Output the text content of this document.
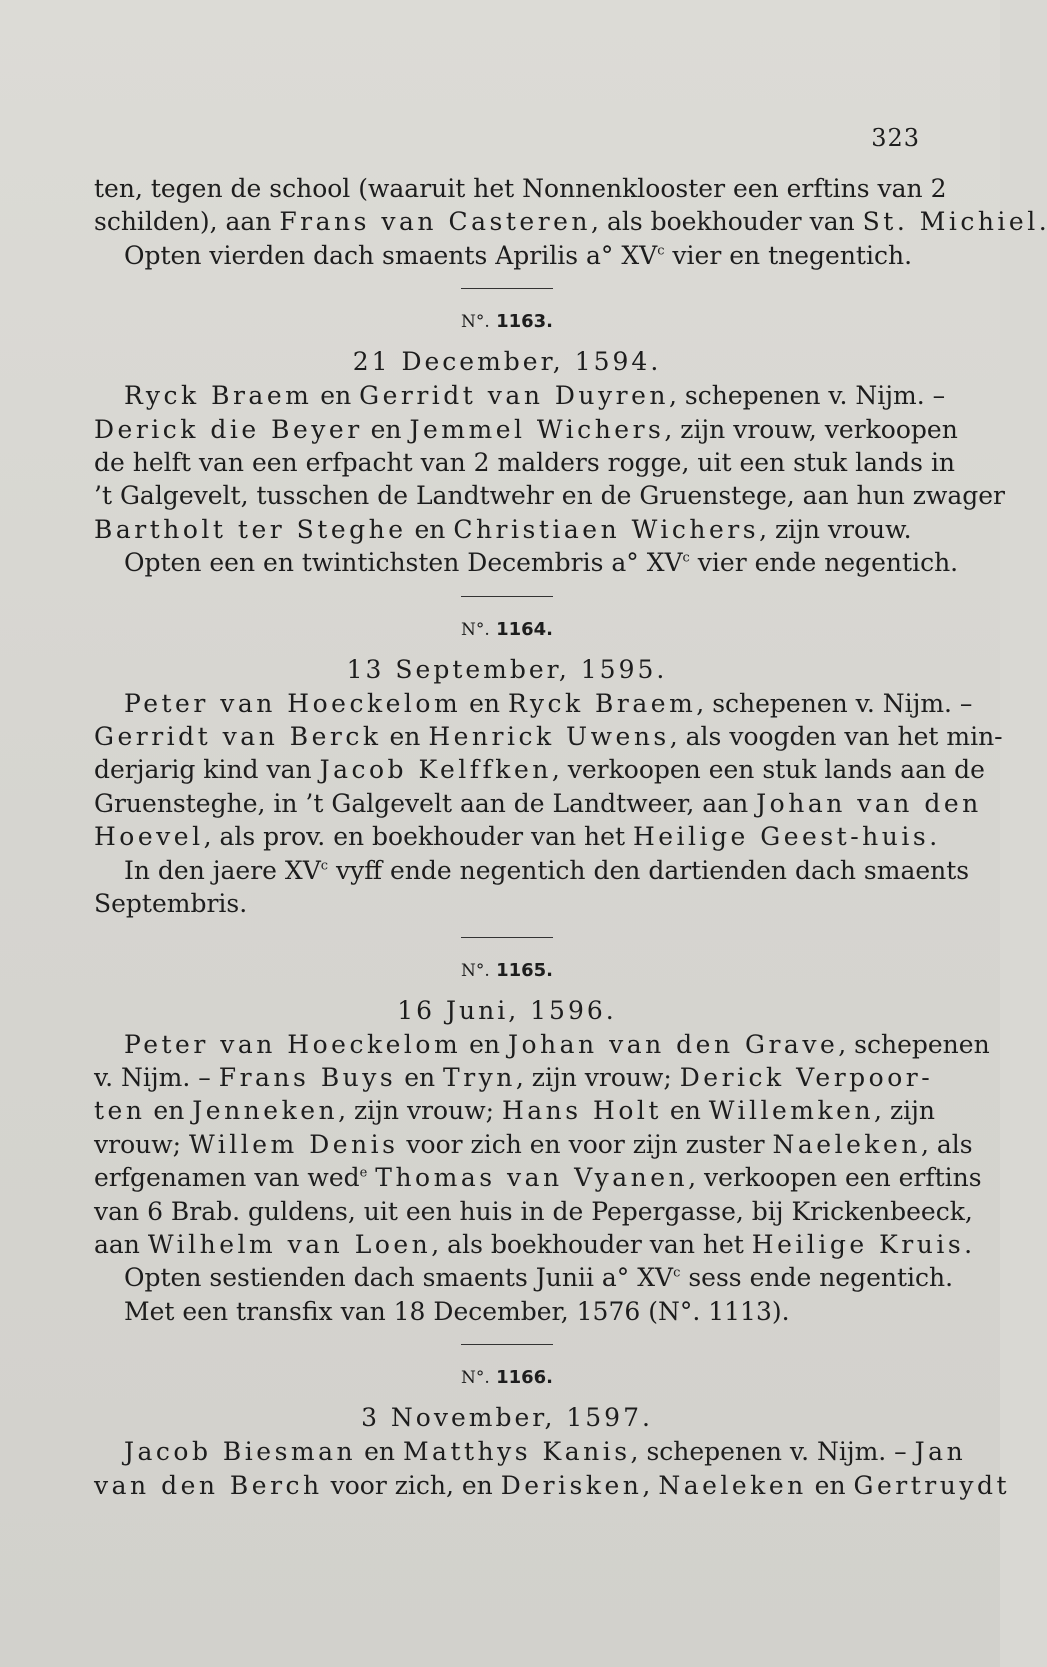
323
ten, tegen de school (waaruit het Nonnenklooster een erftins van 2
schilden), aan Frans van Casteren, als boekhouder van St. Michiel.
Opten vierden dach smaents Aprilis a° $XV^c$ vier en tnegentich.
N°. 1163.
21 December, 1594.
Ryck Braem en Gerridt van Duyren, schepenen v. Nijm. –
Derick die Beyer en Jemmel Wichers, zijn vrouw, verkoopen
de helft van een erfpacht van 2 malders rogge, uit een stuk lands in
’t Galgevelt, tusschen de Landtwehr en de Gruenstege, aan hun zwager
Bartholt ter Steghe en Christiaen Wichers, zijn vrouw.
Opten een en twintichsten Decembris a° $XV^c$ vier ende negentich.
N°. 1164.
13 September, 1595.
Peter van Hoeckelom en Ryck Braem, schepenen v. Nijm. –
Gerridt van Berck en Henrick Uwens, als voogden van het min-
derjarig kind van Jacob Kelffken, verkoopen een stuk lands aan de
Gruensteghe, in ’t Galgevelt aan de Landtweer, aan Johan van den
Hoevel, als prov. en boekhouder van het Heilige Geest-huis.
In den jaere $XV^c$ vyff ende negentich den dartienden dach smaents
Septembris.
N°. 1165.
16 Juni, 1596.
Peter van Hoeckelom en Johan van den Grave, schepenen
v. Nijm. – Frans Buys en Tryn, zijn vrouw; Derick Verpoor-
ten en Jenneken, zijn vrouw; Hans Holt en Willemken, zijn
vrouw; Willem Denis voor zich en voor zijn zuster Naeleken, als
erfgenamen van wed$^e$ Thomas van Vyanen, verkoopen een erftins
van 6 Brab. guldens, uit een huis in de Pepergasse, bij Krickenbeeck,
aan Wilhelm van Loen, als boekhouder van het Heilige Kruis.
Opten sestienden dach smaents Junii a° $XV^c$ sess ende negentich.
Met een transfix van 18 December, 1576 (N°. 1113).
N°. 1166.
3 November, 1597.
Jacob Biesman en Matthys Kanis, schepenen v. Nijm. – Jan
van den Berch voor zich, en Derisken, Naeleken en Gertruydt
